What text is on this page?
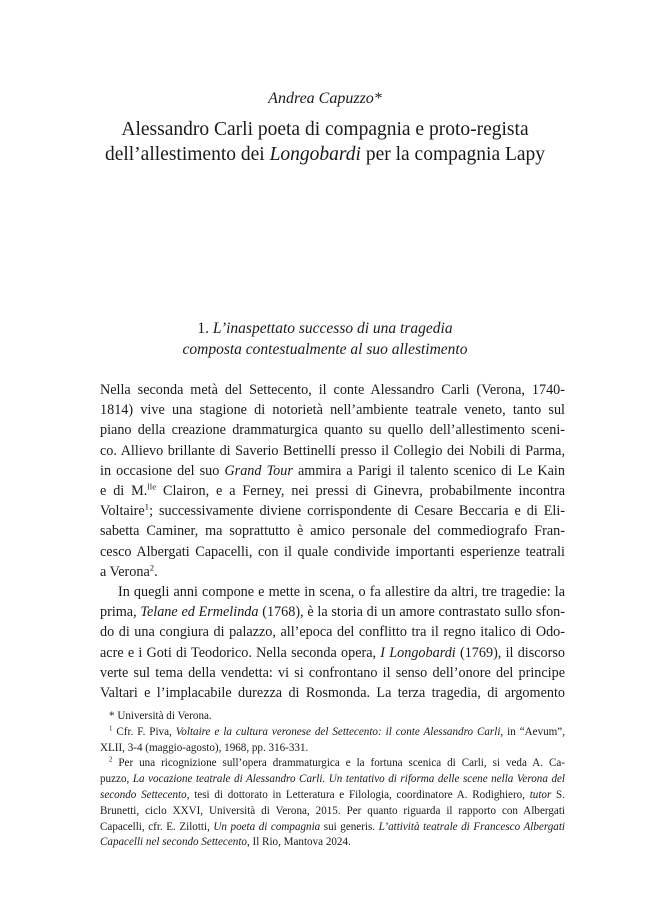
Andrea Capuzzo*
Alessandro Carli poeta di compagnia e proto-regista
dell’allestimento dei Longobardi per la compagnia Lapy
1. L’inaspettato successo di una tragedia
composta contestualmente al suo allestimento
Nella seconda metà del Settecento, il conte Alessandro Carli (Verona, 1740-
1814) vive una stagione di notorietà nell’ambiente teatrale veneto, tanto sul
piano della creazione drammaturgica quanto su quello dell’allestimento sceni-
co. Allievo brillante di Saverio Bettinelli presso il Collegio dei Nobili di Parma,
in occasione del suo Grand Tour ammira a Parigi il talento scenico di Le Kain
e di M.$^{lle}$ Clairon, e a Ferney, nei pressi di Ginevra, probabilmente incontra
Voltaire$^1$; successivamente diviene corrispondente di Cesare Beccaria e di Eli-
sabetta Caminer, ma soprattutto è amico personale del commediografo Fran-
cesco Albergati Capacelli, con il quale condivide importanti esperienze teatrali
a Verona$^2$.
In quegli anni compone e mette in scena, o fa allestire da altri, tre tragedie: la
prima, Telane ed Ermelinda (1768), è la storia di un amore contrastato sullo sfon-
do di una congiura di palazzo, all’epoca del conflitto tra il regno italico di Odo-
acre e i Goti di Teodorico. Nella seconda opera, I Longobardi (1769), il discorso
verte sul tema della vendetta: vi si confrontano il senso dell’onore del principe
Valtari e l’implacabile durezza di Rosmonda. La terza tragedia, di argomento
* Università di Verona.
$^1$ Cfr. F. Piva, Voltaire e la cultura veronese del Settecento: il conte Alessandro Carli, in “Aevum”,
XLII, 3-4 (maggio-agosto), 1968, pp. 316-331.
$^2$ Per una ricognizione sull’opera drammaturgica e la fortuna scenica di Carli, si veda A. Ca-
puzzo, La vocazione teatrale di Alessandro Carli. Un tentativo di riforma delle scene nella Verona del
secondo Settecento, tesi di dottorato in Letteratura e Filologia, coordinatore A. Rodighiero, tutor S.
Brunetti, ciclo XXVI, Università di Verona, 2015. Per quanto riguarda il rapporto con Albergati
Capacelli, cfr. E. Zilotti, Un poeta di compagnia sui generis. L’attività teatrale di Francesco Albergati
Capacelli nel secondo Settecento, Il Rio, Mantova 2024.
